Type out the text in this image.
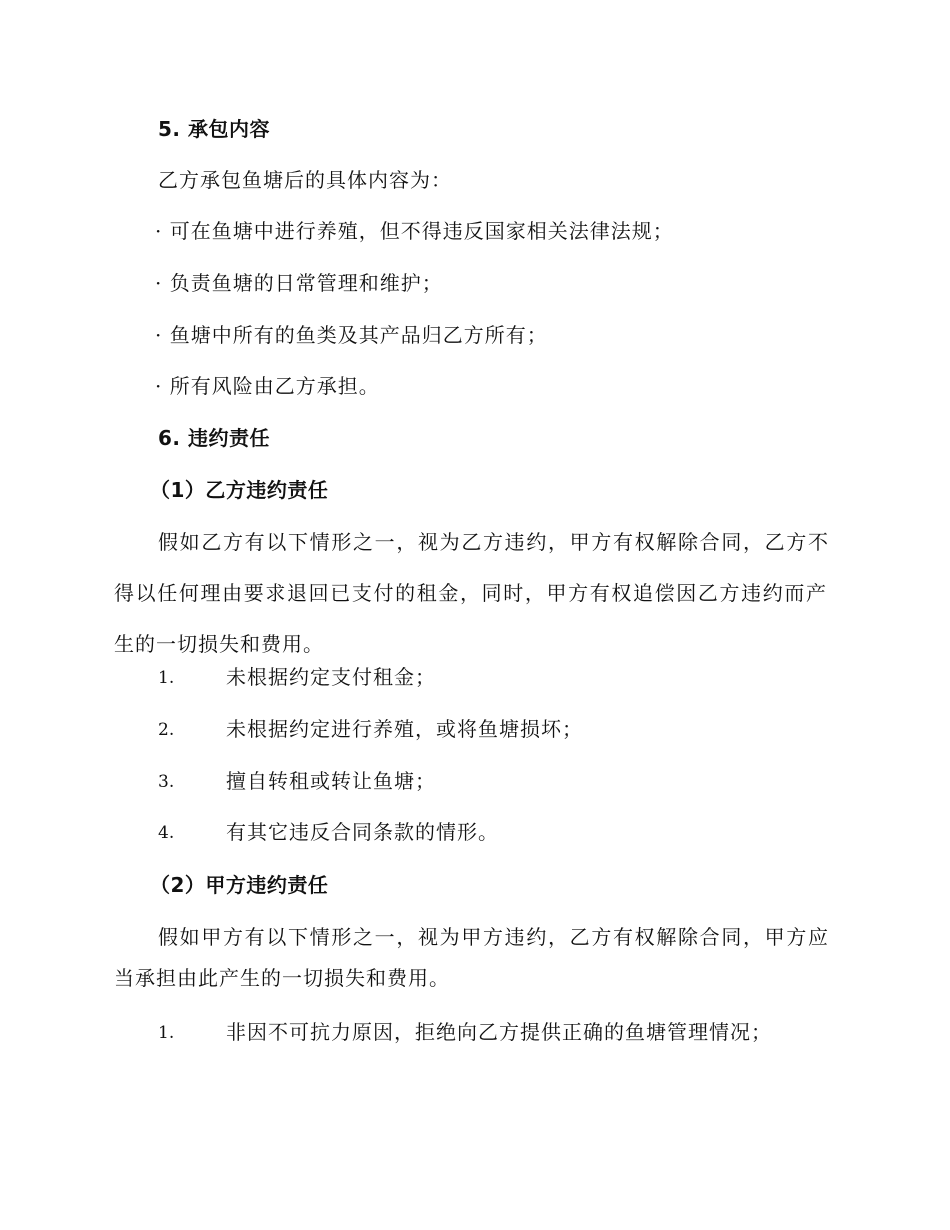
5. 承包内容
乙方承包鱼塘后的具体内容为：
· 可在鱼塘中进行养殖，但不得违反国家相关法律法规；
· 负责鱼塘的日常管理和维护；
· 鱼塘中所有的鱼类及其产品归乙方所有；
· 所有风险由乙方承担。
6. 违约责任
（1）乙方违约责任
假如乙方有以下情形之一，视为乙方违约，甲方有权解除合同，乙方不
得以任何理由要求退回已支付的租金，同时，甲方有权追偿因乙方违约而产
生的一切损失和费用。
1.	未根据约定支付租金；
2.	未根据约定进行养殖，或将鱼塘损坏；
3.	擅自转租或转让鱼塘；
4.	有其它违反合同条款的情形。
（2）甲方违约责任
假如甲方有以下情形之一，视为甲方违约，乙方有权解除合同，甲方应
当承担由此产生的一切损失和费用。
1.	非因不可抗力原因，拒绝向乙方提供正确的鱼塘管理情况；
